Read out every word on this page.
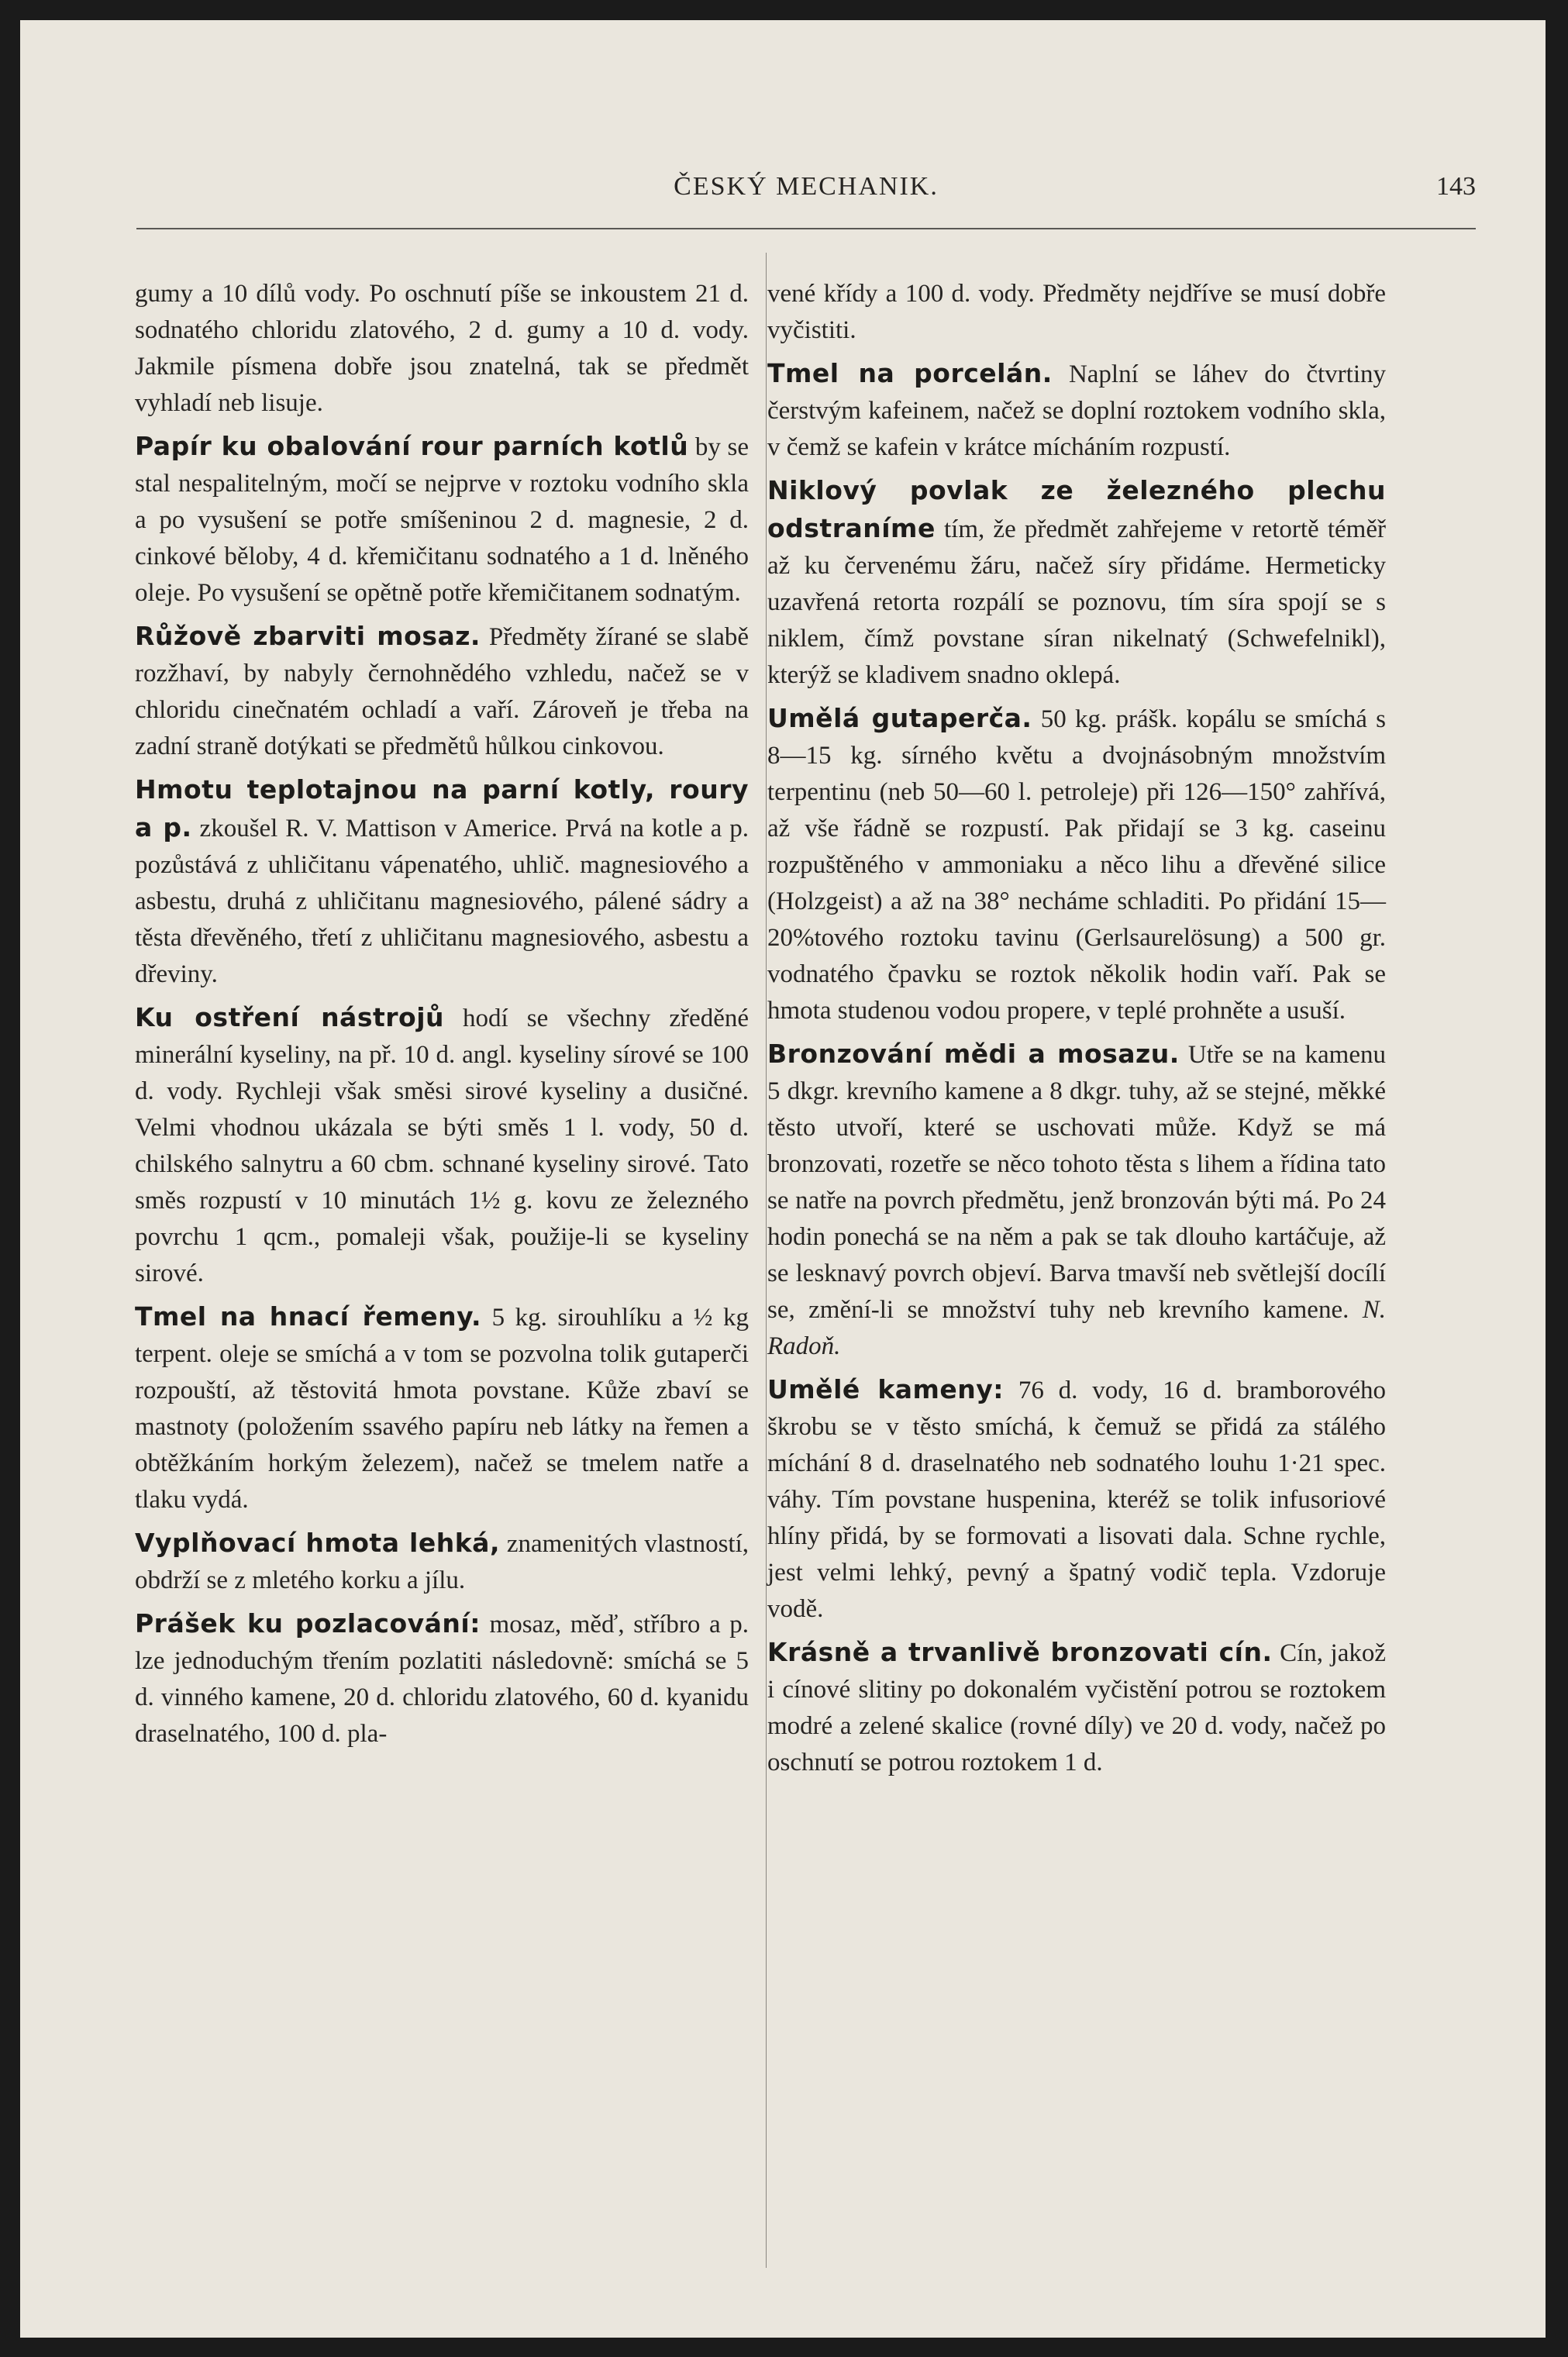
ČESKÝ MECHANIK.	143

gumy a 10 dílů vody. Po oschnutí píše se inkoustem 21 d. sodnatého chloridu zlatového, 2 d. gumy a 10 d. vody. Jakmile písmena dobře jsou znatelná, tak se předmět vyhladí neb lisuje.

Papír ku obalování rour parních kotlů by se stal nespalitelným, močí se nejprve v roztoku vodního skla a po vysušení se potře smíšeninou 2 d. magnesie, 2 d. cinkové běloby, 4 d. křemičitanu sodnatého a 1 d. lněného oleje. Po vysušení se opětně potře křemičitanem sodnatým.

Růžově zbarviti mosaz. Předměty žírané se slabě rozžhaví, by nabyly černohnědého vzhledu, načež se v chloridu cinečnatém ochladí a vaří. Zároveň je třeba na zadní straně dotýkati se předmětů hůlkou cinkovou.

Hmotu teplotajnou na parní kotly, roury a p. zkoušel R. V. Mattison v Americe. Prvá na kotle a p. pozůstává z uhličitanu vápenatého, uhlič. magnesiového a asbestu, druhá z uhličitanu magnesiového, pálené sádry a těsta dřevěného, třetí z uhličitanu magnesiového, asbestu a dřeviny.

Ku ostření nástrojů hodí se všechny zředěné minerální kyseliny, na př. 10 d. angl. kyseliny sírové se 100 d. vody. Rychleji však směsi sirové kyseliny a dusičné. Velmi vhodnou ukázala se býti směs 1 l. vody, 50 d. chilského salnytru a 60 cbm. schnané kyseliny sirové. Tato směs rozpustí v 10 minutách 1½ g. kovu ze železného povrchu 1 qcm., pomaleji však, použije-li se kyseliny sirové.

Tmel na hnací řemeny. 5 kg. sirouhlíku a ½ kg terpent. oleje se smíchá a v tom se pozvolna tolik gutaperči rozpouští, až těstovitá hmota povstane. Kůže zbaví se mastnoty (položením ssavého papíru neb látky na řemen a obtěžkáním horkým železem), načež se tmelem natře a tlaku vydá.

Vyplňovací hmota lehká, znamenitých vlastností, obdrží se z mletého korku a jílu.

Prášek ku pozlacování: mosaz, měď, stříbro a p. lze jednoduchým třením pozlatiti následovně: smíchá se 5 d. vinného kamene, 20 d. chloridu zlatového, 60 d. kyanidu draselnatého, 100 d. pla-

vené křídy a 100 d. vody. Předměty nejdříve se musí dobře vyčistiti.

Tmel na porcelán. Naplní se láhev do čtvrtiny čerstvým kafeinem, načež se doplní roztokem vodního skla, v čemž se kafein v krátce mícháním rozpustí.

Niklový povlak ze železného plechu odstraníme tím, že předmět zahřejeme v retortě téměř až ku červenému žáru, načež síry přidáme. Hermeticky uzavřená retorta rozpálí se poznovu, tím síra spojí se s niklem, čímž povstane síran nikelnatý (Schwefelnikl), kterýž se kladivem snadno oklepá.

Umělá gutaperča. 50 kg. prášk. kopálu se smíchá s 8—15 kg. sírného květu a dvojnásobným množstvím terpentinu (neb 50—60 l. petroleje) při 126—150° zahřívá, až vše řádně se rozpustí. Pak přidají se 3 kg. caseinu rozpuštěného v ammoniaku a něco lihu a dřevěné silice (Holzgeist) a až na 38° necháme schladiti. Po přidání 15—20%tového roztoku tavinu (Gerlsaurelösung) a 500 gr. vodnatého čpavku se roztok několik hodin vaří. Pak se hmota studenou vodou propere, v teplé prohněte a usuší.

Bronzování mědi a mosazu. Utře se na kamenu 5 dkgr. krevního kamene a 8 dkgr. tuhy, až se stejné, měkké těsto utvoří, které se uschovati může. Když se má bronzovati, rozetře se něco tohoto těsta s lihem a řídina tato se natře na povrch předmětu, jenž bronzován býti má. Po 24 hodin ponechá se na něm a pak se tak dlouho kartáčuje, až se lesknavý povrch objeví. Barva tmavší neb světlejší docílí se, změní-li se množství tuhy neb krevního kamene. N. Radoň.

Umělé kameny: 76 d. vody, 16 d. bramborového škrobu se v těsto smíchá, k čemuž se přidá za stálého míchání 8 d. draselnatého neb sodnatého louhu 1·21 spec. váhy. Tím povstane huspenina, kteréž se tolik infusoriové hlíny přidá, by se formovati a lisovati dala. Schne rychle, jest velmi lehký, pevný a špatný vodič tepla. Vzdoruje vodě.

Krásně a trvanlivě bronzovati cín. Cín, jakož i cínové slitiny po dokonalém vyčistění potrou se roztokem modré a zelené skalice (rovné díly) ve 20 d. vody, načež po oschnutí se potrou roztokem 1 d.
